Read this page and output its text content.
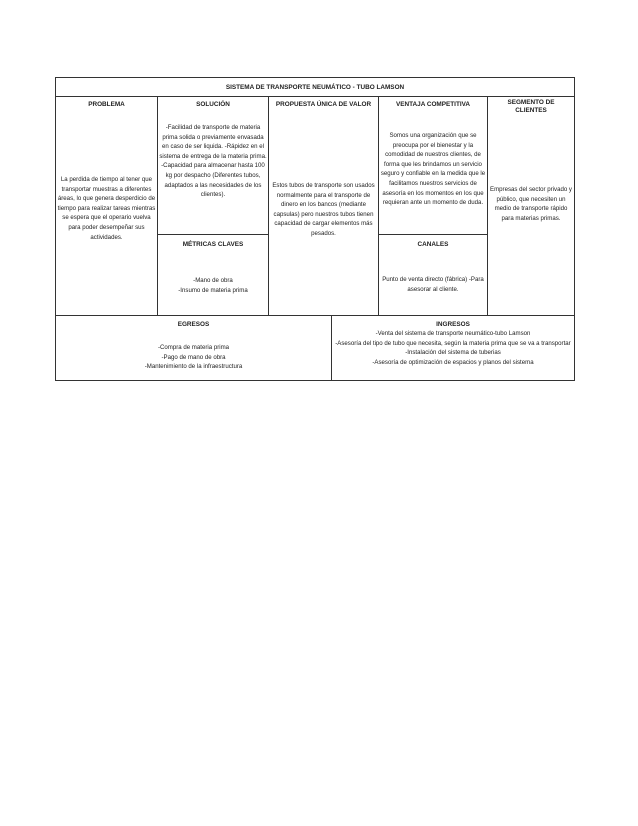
SISTEMA DE TRANSPORTE NEUMÁTICO - TUBO LAMSON
PROBLEMA
La perdida de tiempo al tener que transportar muestras a diferentes áreas, lo que genera desperdicio de tiempo para realizar tareas mientras se espera que el operario vuelva para poder desempeñar sus actividades.
SOLUCIÓN
-Facilidad de transporte de materia prima solida o previamente envasada en caso de ser liquida. -Rápidez en el sistema de entrega de la materia prima.
-Capacidad para almacenar hasta 100 kg por despacho (Diferentes tubos, adaptados a las necesidades de los clientes).
MÉTRICAS CLAVES
-Mano de obra
-Insumo de materia prima
PROPUESTA ÚNICA DE VALOR
Estos tubos de transporte son usados normalmente para el transporte de dinero en los bancos (mediante capsulas) pero nuestros tubos tienen capacidad de cargar elementos más pesados.
VENTAJA COMPETITIVA
Somos una organización que se preocupa por el bienestar y la comodidad de nuestros clientes, de forma que les brindamos un servicio seguro y confiable en la medida que le facilitamos nuestros servicios de asesoría en los momentos en los que requieran ante un momento de duda.
CANALES
Punto de venta directo (fábrica) -Para asesorar al cliente.
SEGMENTO DE CLIENTES
Empresas del sector privado y público, que necesiten un medio de transporte rápido para materias primas.
EGRESOS
-Compra de materia prima
-Pago de mano de obra
-Mantenimiento de la infraestructura
INGRESOS
-Venta del sistema de transporte neumático-tubo Lamson
-Asesoría del tipo de tubo que necesita, según la materia prima que se va a transportar
-Instalación del sistema de tuberias
-Asesoría de optimización de espacios y planos del sistema
